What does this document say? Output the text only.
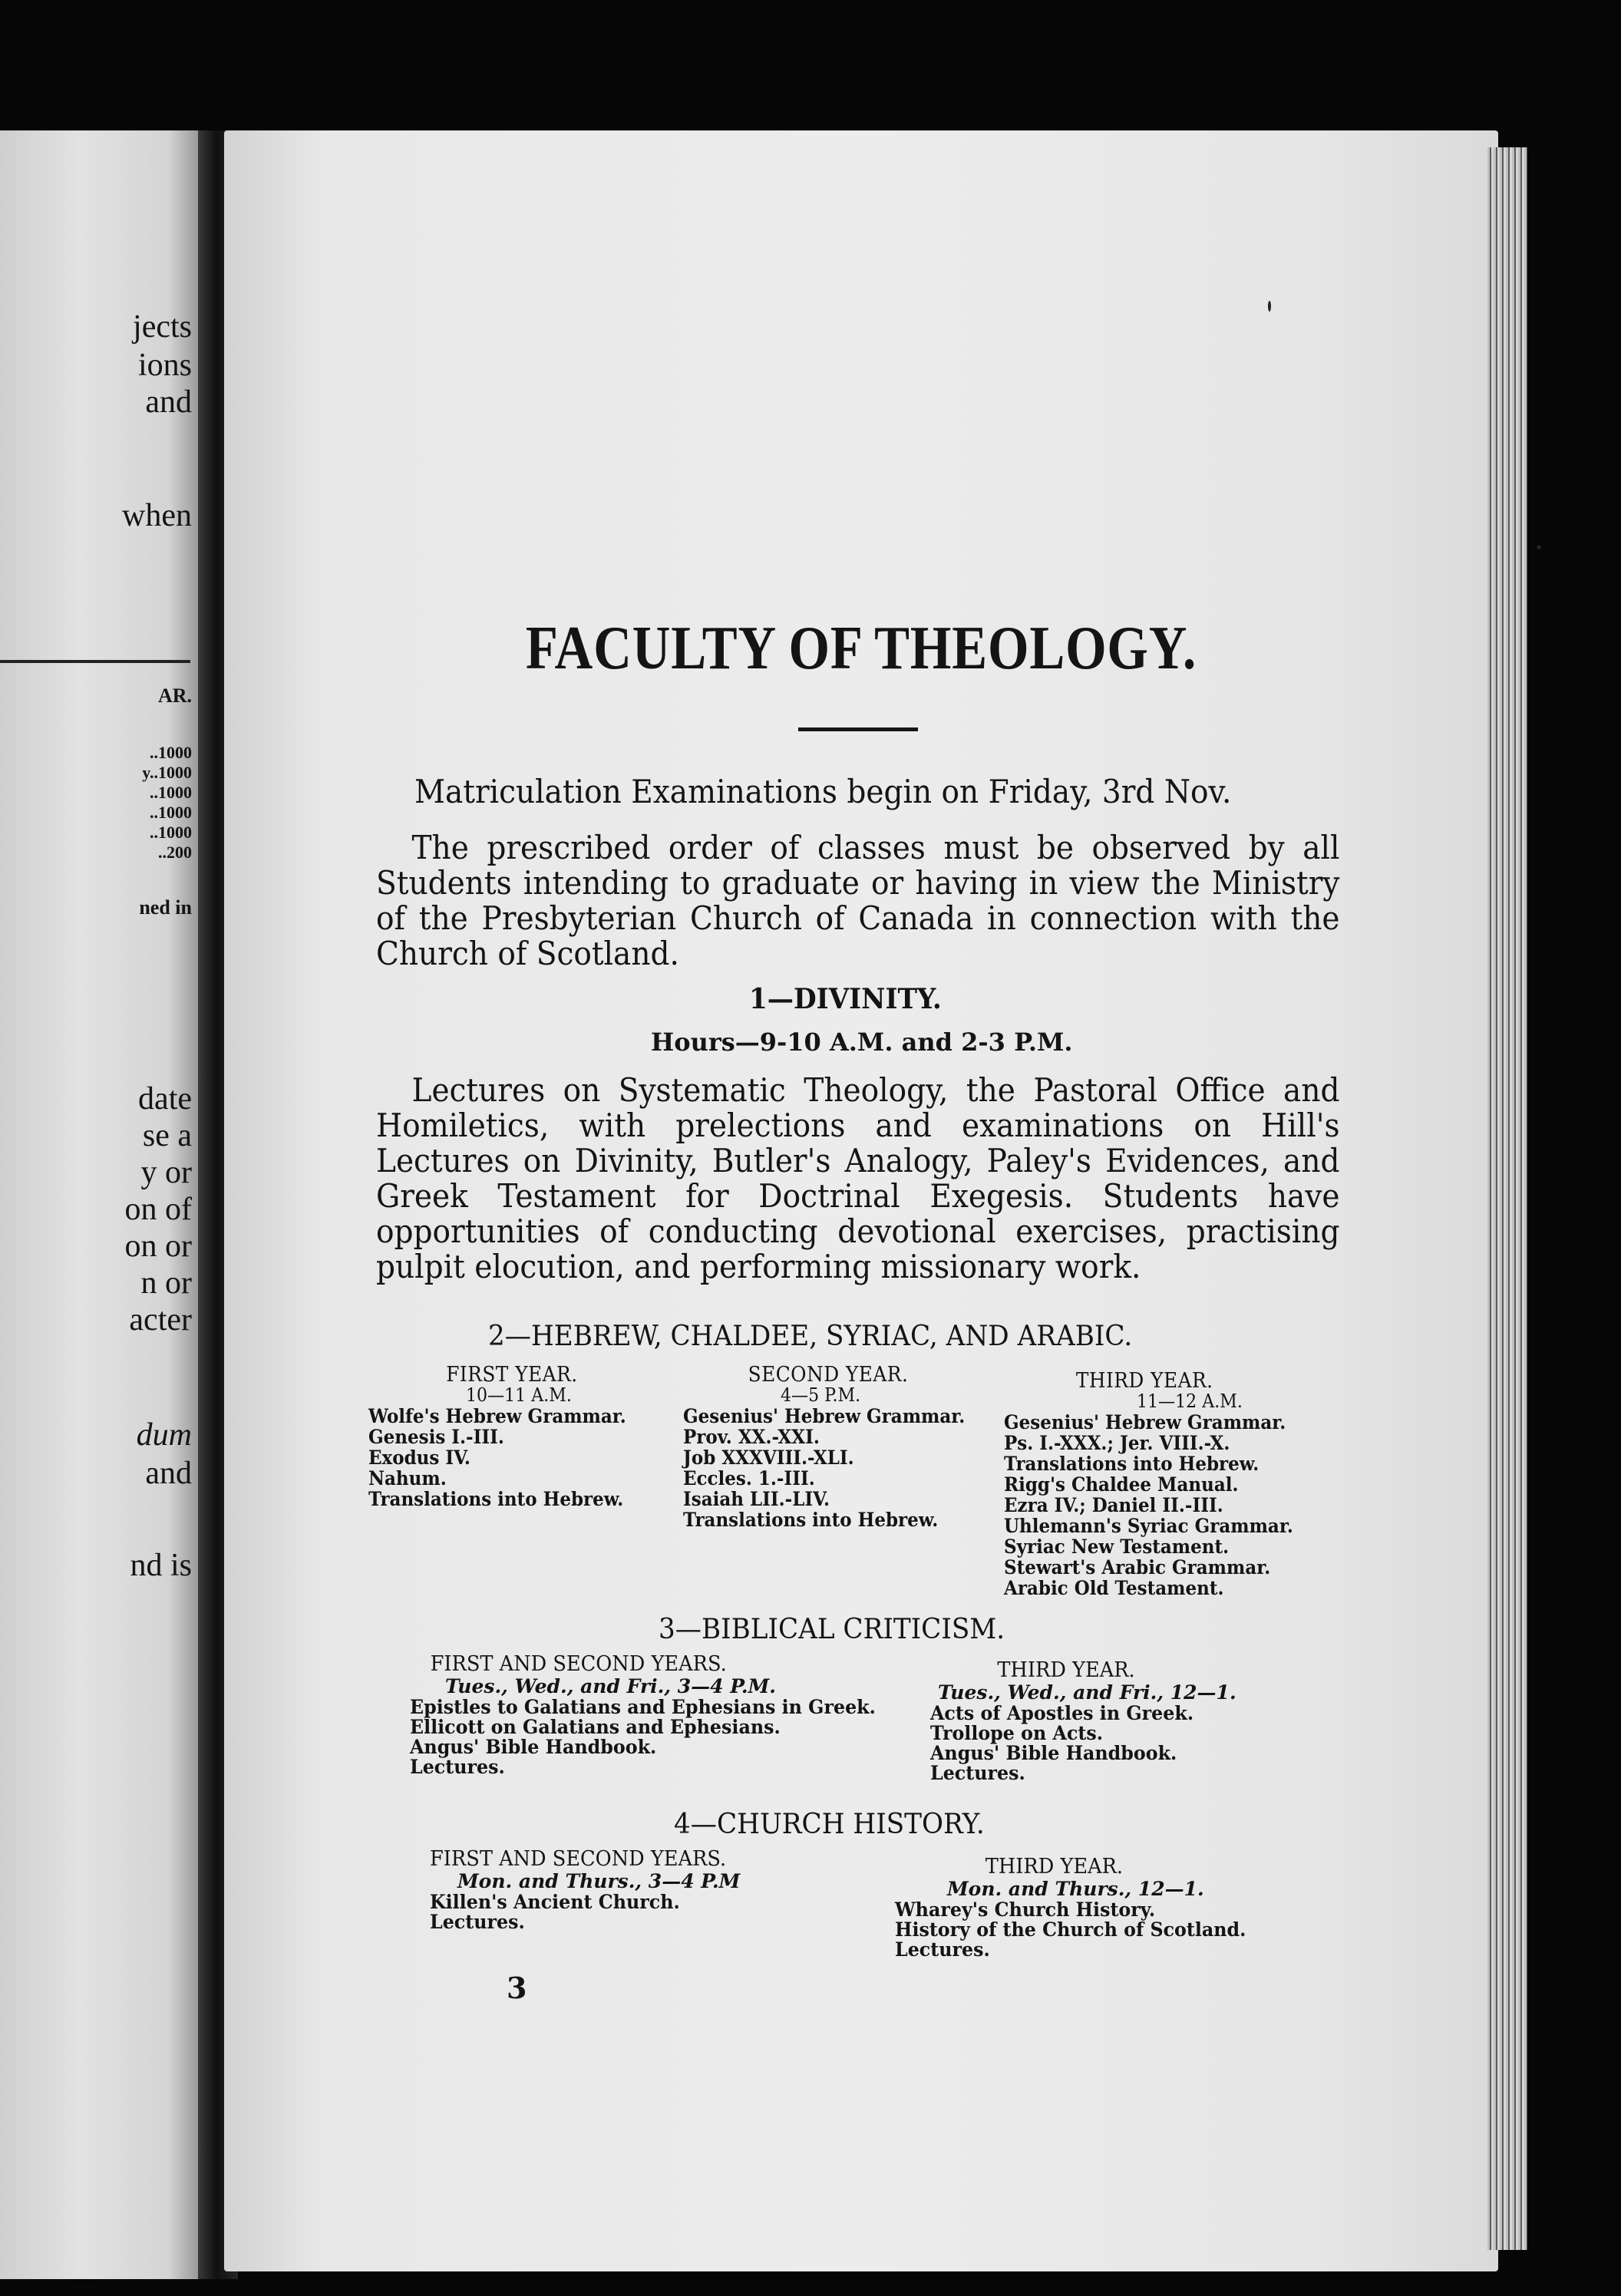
jects
ions
and
when
AR.
..1000
y..1000
..1000
..1000
..1000
..200
ned in
date
se a
y or
on of
on or
n or
acter
dum
and
nd is
FACULTY OF THEOLOGY.
Matriculation Examinations begin on Friday, 3rd Nov.
The prescribed order of classes must be observed by all Students intending to graduate or having in view the Ministry of the Presbyterian Church of Canada in connection with the Church of Scotland.
1—DIVINITY.
Hours—9-10 A.M. and 2-3 P.M.
Lectures on Systematic Theology, the Pastoral Office and Homiletics, with prelections and examinations on Hill's Lectures on Divinity, Butler's Analogy, Paley's Evidences, and Greek Testament for Doctrinal Exegesis. Students have opportunities of conducting devotional exercises, practising pulpit elocution, and performing missionary work.
2—HEBREW, CHALDEE, SYRIAC, AND ARABIC.
FIRST YEAR.
10—11 A.M.
Wolfe's Hebrew Grammar.
Genesis I.-III.
Exodus IV.
Nahum.
Translations into Hebrew.
SECOND YEAR.
4—5 P.M.
Gesenius' Hebrew Grammar.
Prov. XX.-XXI.
Job XXXVIII.-XLI.
Eccles. 1.-III.
Isaiah LII.-LIV.
Translations into Hebrew.
THIRD YEAR.
11—12 A.M.
Gesenius' Hebrew Grammar.
Ps. I.-XXX.; Jer. VIII.-X.
Translations into Hebrew.
Rigg's Chaldee Manual.
Ezra IV.; Daniel II.-III.
Uhlemann's Syriac Grammar.
Syriac New Testament.
Stewart's Arabic Grammar.
Arabic Old Testament.
3—BIBLICAL CRITICISM.
FIRST AND SECOND YEARS.
Tues., Wed., and Fri., 3—4 P.M.
Epistles to Galatians and Ephesians in Greek.
Ellicott on Galatians and Ephesians.
Angus' Bible Handbook.
Lectures.
THIRD YEAR.
Tues., Wed., and Fri., 12—1.
Acts of Apostles in Greek.
Trollope on Acts.
Angus' Bible Handbook.
Lectures.
4—CHURCH HISTORY.
FIRST AND SECOND YEARS.
Mon. and Thurs., 3—4 P.M
Killen's Ancient Church.
Lectures.
THIRD YEAR.
Mon. and Thurs., 12—1.
Wharey's Church History.
History of the Church of Scotland.
Lectures.
3
